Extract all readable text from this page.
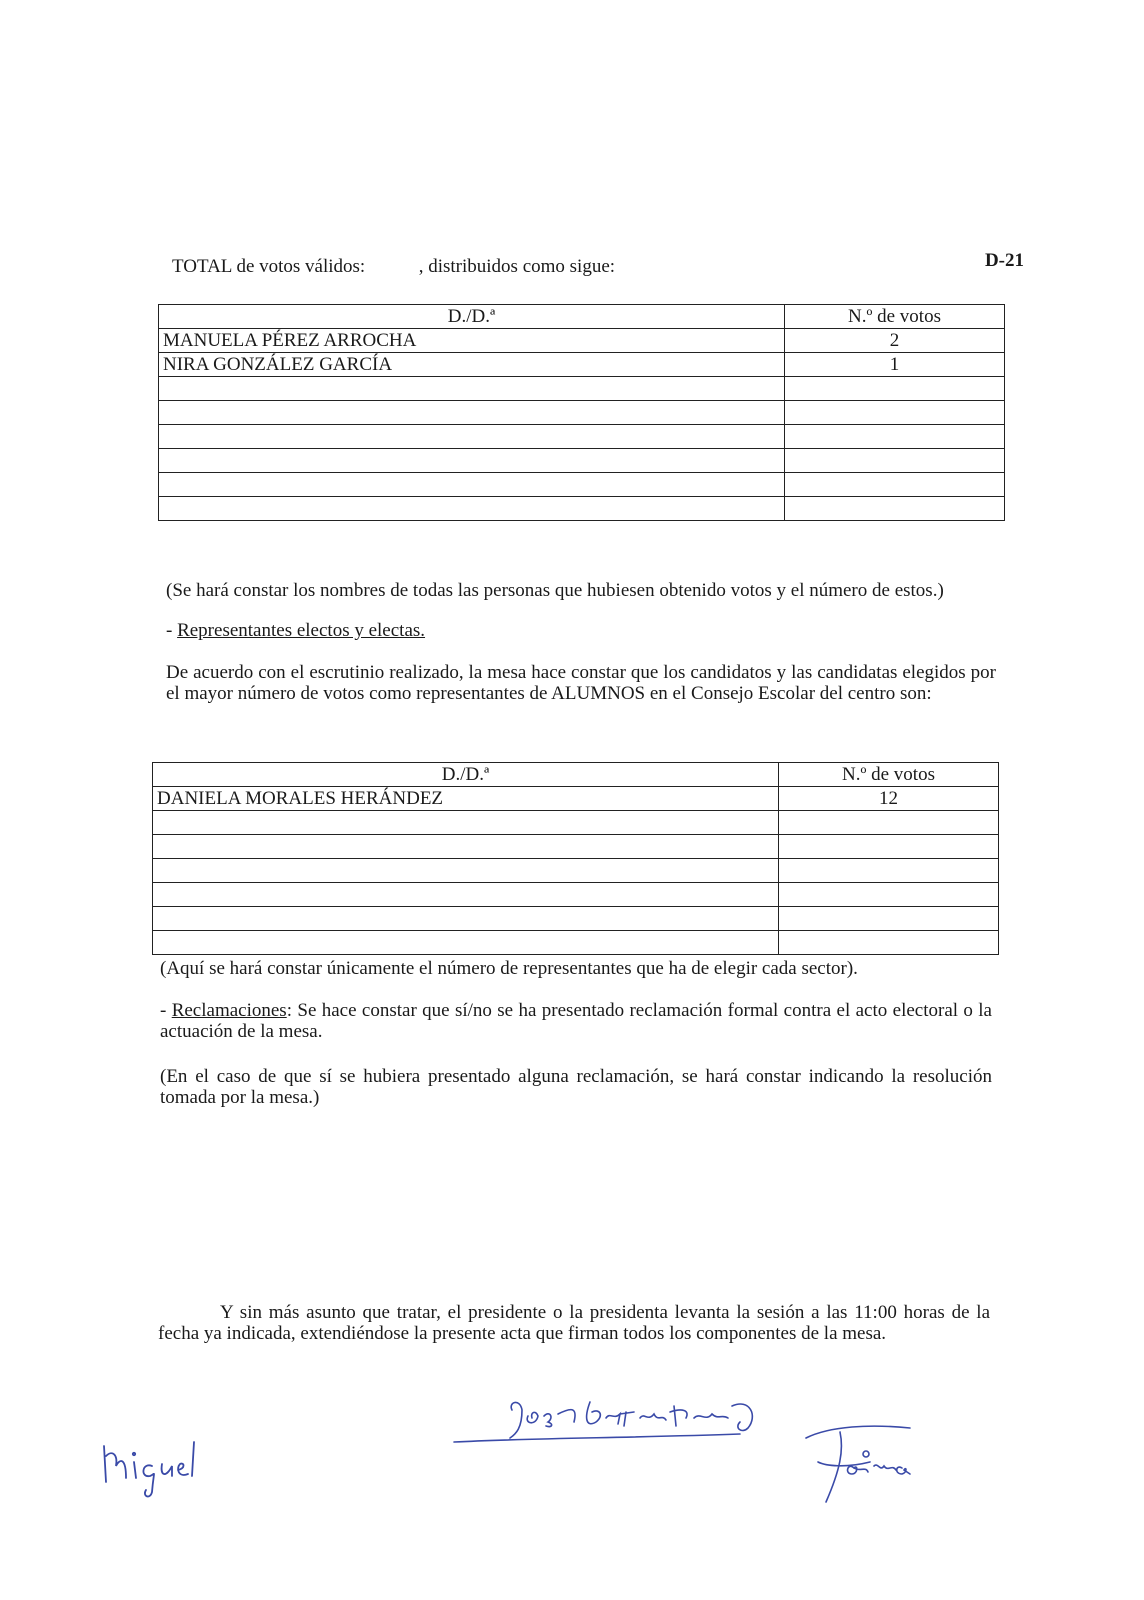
D-21
TOTAL de votos válidos:	, distribuidos como sigue:
D./D.ª	N.º de votos
MANUELA PÉREZ ARROCHA	2
NIRA GONZÁLEZ GARCÍA	1

(Se hará constar los nombres de todas las personas que hubiesen obtenido votos y el número de estos.)
- Representantes electos y electas.
De acuerdo con el escrutinio realizado, la mesa hace constar que los candidatos y las candidatas elegidos por el mayor número de votos como representantes de ALUMNOS en el Consejo Escolar del centro son:
D./D.ª	N.º de votos
DANIELA MORALES HERÁNDEZ	12

(Aquí se hará constar únicamente el número de representantes que ha de elegir cada sector).
- Reclamaciones: Se hace constar que sí/no se ha presentado reclamación formal contra el acto electoral o la actuación de la mesa.
(En el caso de que sí se hubiera presentado alguna reclamación, se hará constar indicando la resolución tomada por la mesa.)
Y sin más asunto que tratar, el presidente o la presidenta levanta la sesión a las 11:00 horas de la fecha ya indicada, extendiéndose la presente acta que firman todos los componentes de la mesa.
